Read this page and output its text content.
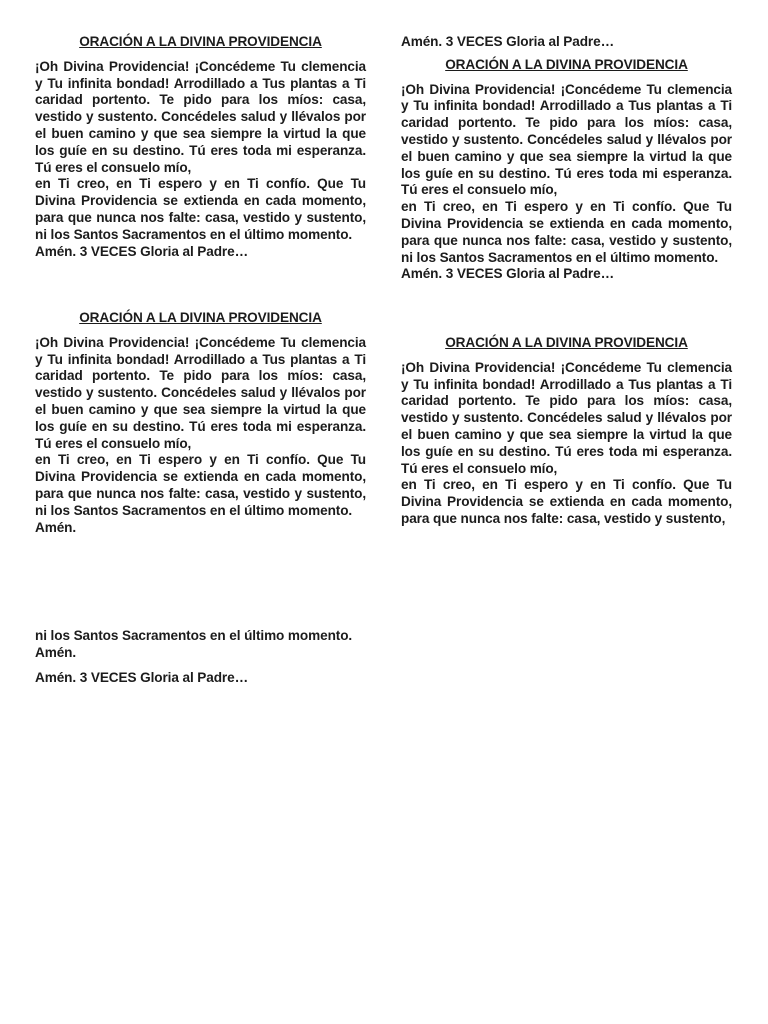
ORACIÓN A LA DIVINA PROVIDENCIA

¡Oh Divina Providencia! ¡Concédeme Tu clemencia y Tu infinita bondad! Arrodillado a Tus plantas a Ti caridad portento. Te pido para los míos: casa, vestido y sustento. Concédeles salud y llévalos por el buen camino y que sea siempre la virtud la que los guíe en su destino. Tú eres toda mi esperanza. Tú eres el consuelo mío,

en Ti creo, en Ti espero y en Ti confío. Que Tu Divina Providencia se extienda en cada momento, para que nunca nos falte: casa, vestido y sustento, ni los Santos Sacramentos en el último momento.

Amén. 3 VECES Gloria al Padre…
Amén. 3 VECES Gloria al Padre…
ORACIÓN A LA DIVINA PROVIDENCIA

¡Oh Divina Providencia! ¡Concédeme Tu clemencia y Tu infinita bondad! Arrodillado a Tus plantas a Ti caridad portento. Te pido para los míos: casa, vestido y sustento. Concédeles salud y llévalos por el buen camino y que sea siempre la virtud la que los guíe en su destino. Tú eres toda mi esperanza. Tú eres el consuelo mío,

en Ti creo, en Ti espero y en Ti confío. Que Tu Divina Providencia se extienda en cada momento, para que nunca nos falte: casa, vestido y sustento, ni los Santos Sacramentos en el último momento.

Amén. 3 VECES Gloria al Padre…
ORACIÓN A LA DIVINA PROVIDENCIA

¡Oh Divina Providencia! ¡Concédeme Tu clemencia y Tu infinita bondad! Arrodillado a Tus plantas a Ti caridad portento. Te pido para los míos: casa, vestido y sustento. Concédeles salud y llévalos por el buen camino y que sea siempre la virtud la que los guíe en su destino. Tú eres toda mi esperanza. Tú eres el consuelo mío,

en Ti creo, en Ti espero y en Ti confío. Que Tu Divina Providencia se extienda en cada momento, para que nunca nos falte: casa, vestido y sustento, ni los Santos Sacramentos en el último momento.

Amén.
ORACIÓN A LA DIVINA PROVIDENCIA

¡Oh Divina Providencia! ¡Concédeme Tu clemencia y Tu infinita bondad! Arrodillado a Tus plantas a Ti caridad portento. Te pido para los míos: casa, vestido y sustento. Concédeles salud y llévalos por el buen camino y que sea siempre la virtud la que los guíe en su destino. Tú eres toda mi esperanza. Tú eres el consuelo mío,

en Ti creo, en Ti espero y en Ti confío. Que Tu Divina Providencia se extienda en cada momento, para que nunca nos falte: casa, vestido y sustento,

ni los Santos Sacramentos en el último momento.

Amén.
Amén. 3 VECES Gloria al Padre…
